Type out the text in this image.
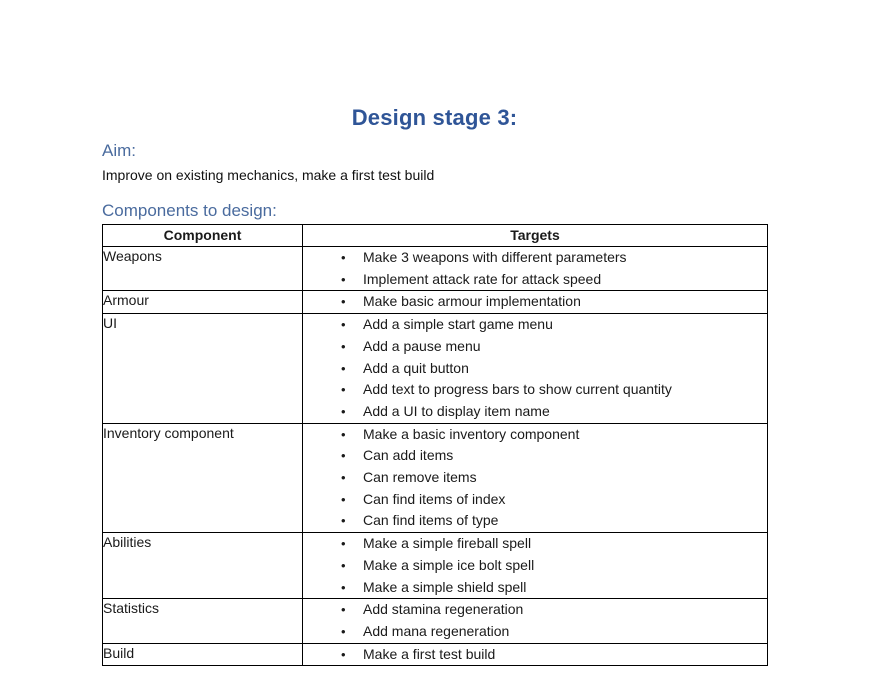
Design stage 3:
Aim:
Improve on existing mechanics, make a first test build
Components to design:
Component	Targets
Weapons	•	Make 3 weapons with different parameters
•	Implement attack rate for attack speed

Armour	•	Make basic armour implementation

UI	•	Add a simple start game menu
•	Add a pause menu
•	Add a quit button
•	Add text to progress bars to show current quantity
•	Add a UI to display item name

Inventory component	•	Make a basic inventory component
•	Can add items
•	Can remove items
•	Can find items of index
•	Can find items of type

Abilities	•	Make a simple fireball spell
•	Make a simple ice bolt spell
•	Make a simple shield spell

Statistics	•	Add stamina regeneration
•	Add mana regeneration

Build	•	Make a first test build
